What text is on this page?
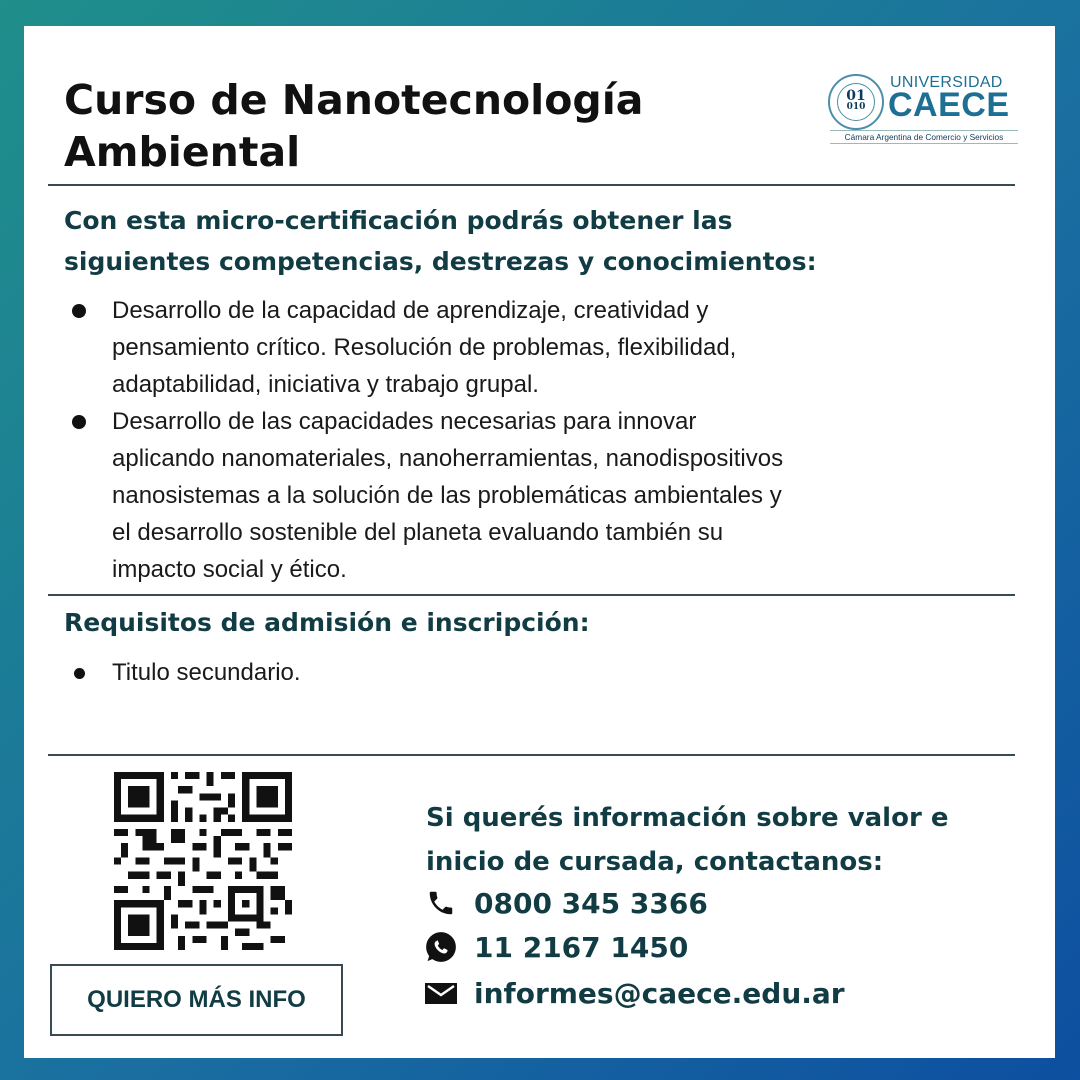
Curso de Nanotecnología
Ambiental
01
010
UNIVERSIDAD
CAECE
Cámara Argentina de Comercio y Servicios
Con esta micro-certificación podrás obtener las
siguientes competencias, destrezas y conocimientos:
Desarrollo de la capacidad de aprendizaje, creatividad y
pensamiento crítico. Resolución de problemas, flexibilidad,
adaptabilidad, iniciativa y trabajo grupal.
Desarrollo de las capacidades necesarias para innovar
aplicando nanomateriales, nanoherramientas, nanodispositivos
nanosistemas a la solución de las problemáticas ambientales y
el desarrollo sostenible del planeta evaluando también su
impacto social y ético.
Requisitos de admisión e inscripción:
Titulo secundario.
QUIERO MÁS INFO

Si querés información sobre valor e
inicio de cursada, contactanos:

0800 345 3366
11 2167 1450
informes@caece.edu.ar
